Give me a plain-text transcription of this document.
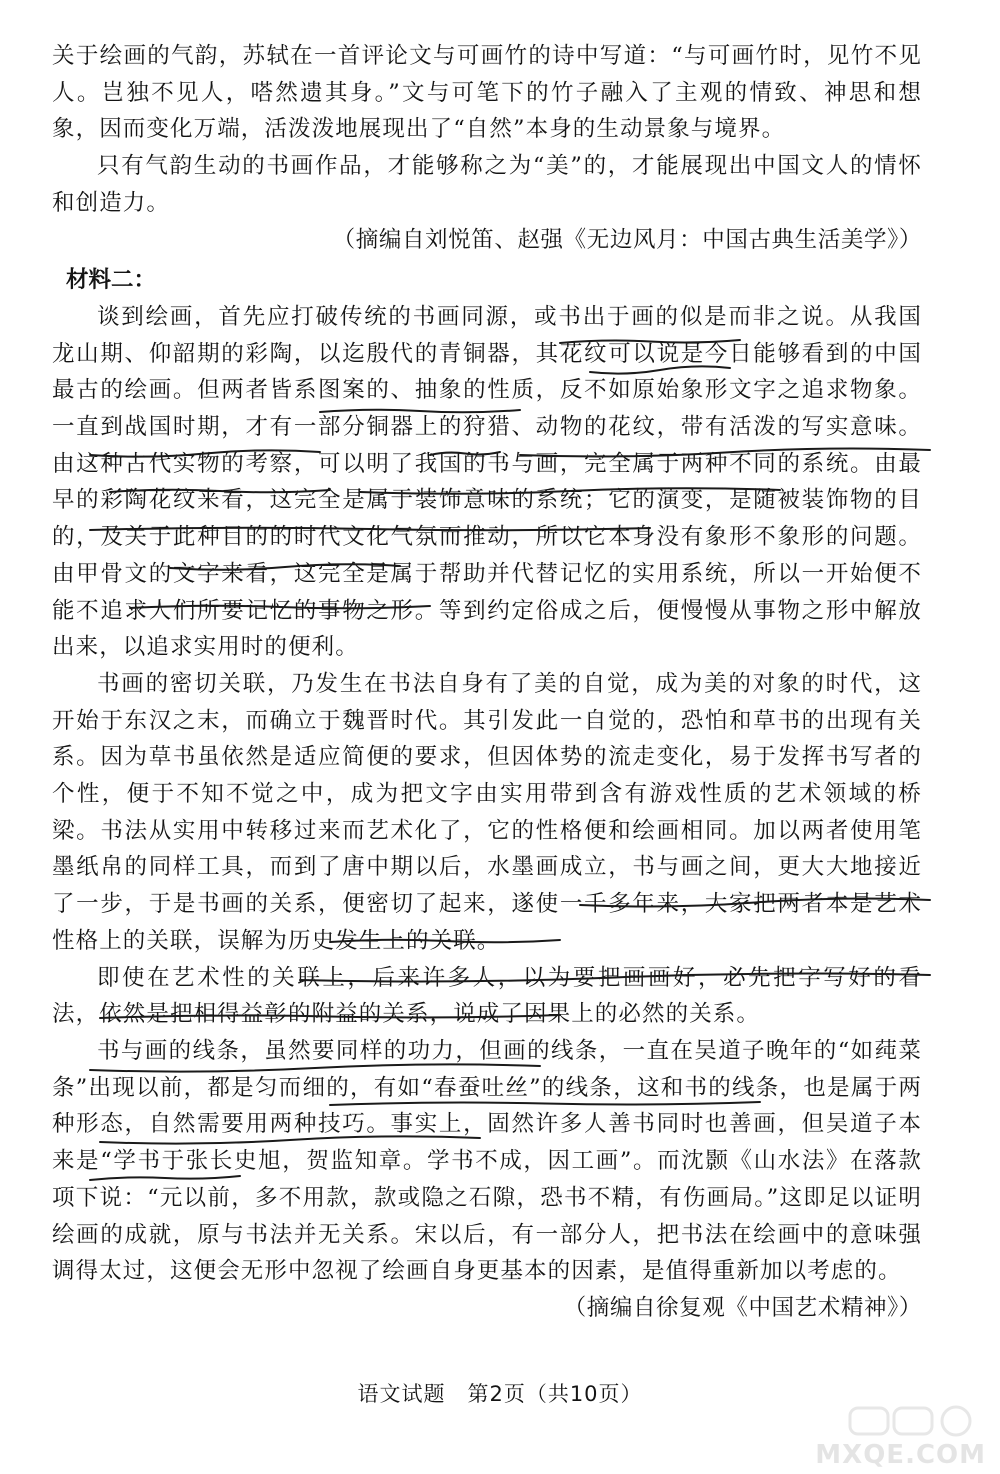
关于绘画的气韵，苏轼在一首评论文与可画竹的诗中写道：“与可画竹时，见竹不见人。岂独不见人，嗒然遗其身。”文与可笔下的竹子融入了主观的情致、神思和想象，因而变化万端，活泼泼地展现出了“自然”本身的生动景象与境界。

只有气韵生动的书画作品，才能够称之为“美”的，才能展现出中国文人的情怀和创造力。

（摘编自刘悦笛、赵强《无边风月：中国古典生活美学》）

材料二：

谈到绘画，首先应打破传统的书画同源，或书出于画的似是而非之说。从我国龙山期、仰韶期的彩陶，以迄殷代的青铜器，其花纹可以说是今日能够看到的中国最古的绘画。但两者皆系图案的、抽象的性质，反不如原始象形文字之追求物象。一直到战国时期，才有一部分铜器上的狩猎、动物的花纹，带有活泼的写实意味。由这种古代实物的考察，可以明了我国的书与画，完全属于两种不同的系统。由最早的彩陶花纹来看，这完全是属于装饰意味的系统；它的演变，是随被装饰物的目的，及关于此种目的的时代文化气氛而推动，所以它本身没有象形不象形的问题。由甲骨文的文字来看，这完全是属于帮助并代替记忆的实用系统，所以一开始便不能不追求人们所要记忆的事物之形。等到约定俗成之后，便慢慢从事物之形中解放出来，以追求实用时的便利。

书画的密切关联，乃发生在书法自身有了美的自觉，成为美的对象的时代，这开始于东汉之末，而确立于魏晋时代。其引发此一自觉的，恐怕和草书的出现有关系。因为草书虽依然是适应简便的要求，但因体势的流走变化，易于发挥书写者的个性，便于不知不觉之中，成为把文字由实用带到含有游戏性质的艺术领域的桥梁。书法从实用中转移过来而艺术化了，它的性格便和绘画相同。加以两者使用笔墨纸帛的同样工具，而到了唐中期以后，水墨画成立，书与画之间，更大大地接近了一步，于是书画的关系，便密切了起来，遂使一千多年来，大家把两者本是艺术性格上的关联，误解为历史发生上的关联。

即使在艺术性的关联上，后来许多人，以为要把画画好，必先把字写好的看法，依然是把相得益彰的附益的关系，说成了因果上的必然的关系。

书与画的线条，虽然要同样的功力，但画的线条，一直在吴道子晚年的“如莼菜条”出现以前，都是匀而细的，有如“春蚕吐丝”的线条，这和书的线条，也是属于两种形态，自然需要用两种技巧。事实上，固然许多人善书同时也善画，但吴道子本来是“学书于张长史旭，贺监知章。学书不成，因工画”。而沈颢《山水法》在落款项下说：“元以前，多不用款，款或隐之石隙，恐书不精，有伤画局。”这即足以证明绘画的成就，原与书法并无关系。宋以后，有一部分人，把书法在绘画中的意味强调得太过，这便会无形中忽视了绘画自身更基本的因素，是值得重新加以考虑的。

（摘编自徐复观《中国艺术精神》）

语文试题　第2页（共10页）
MXQE.COM
